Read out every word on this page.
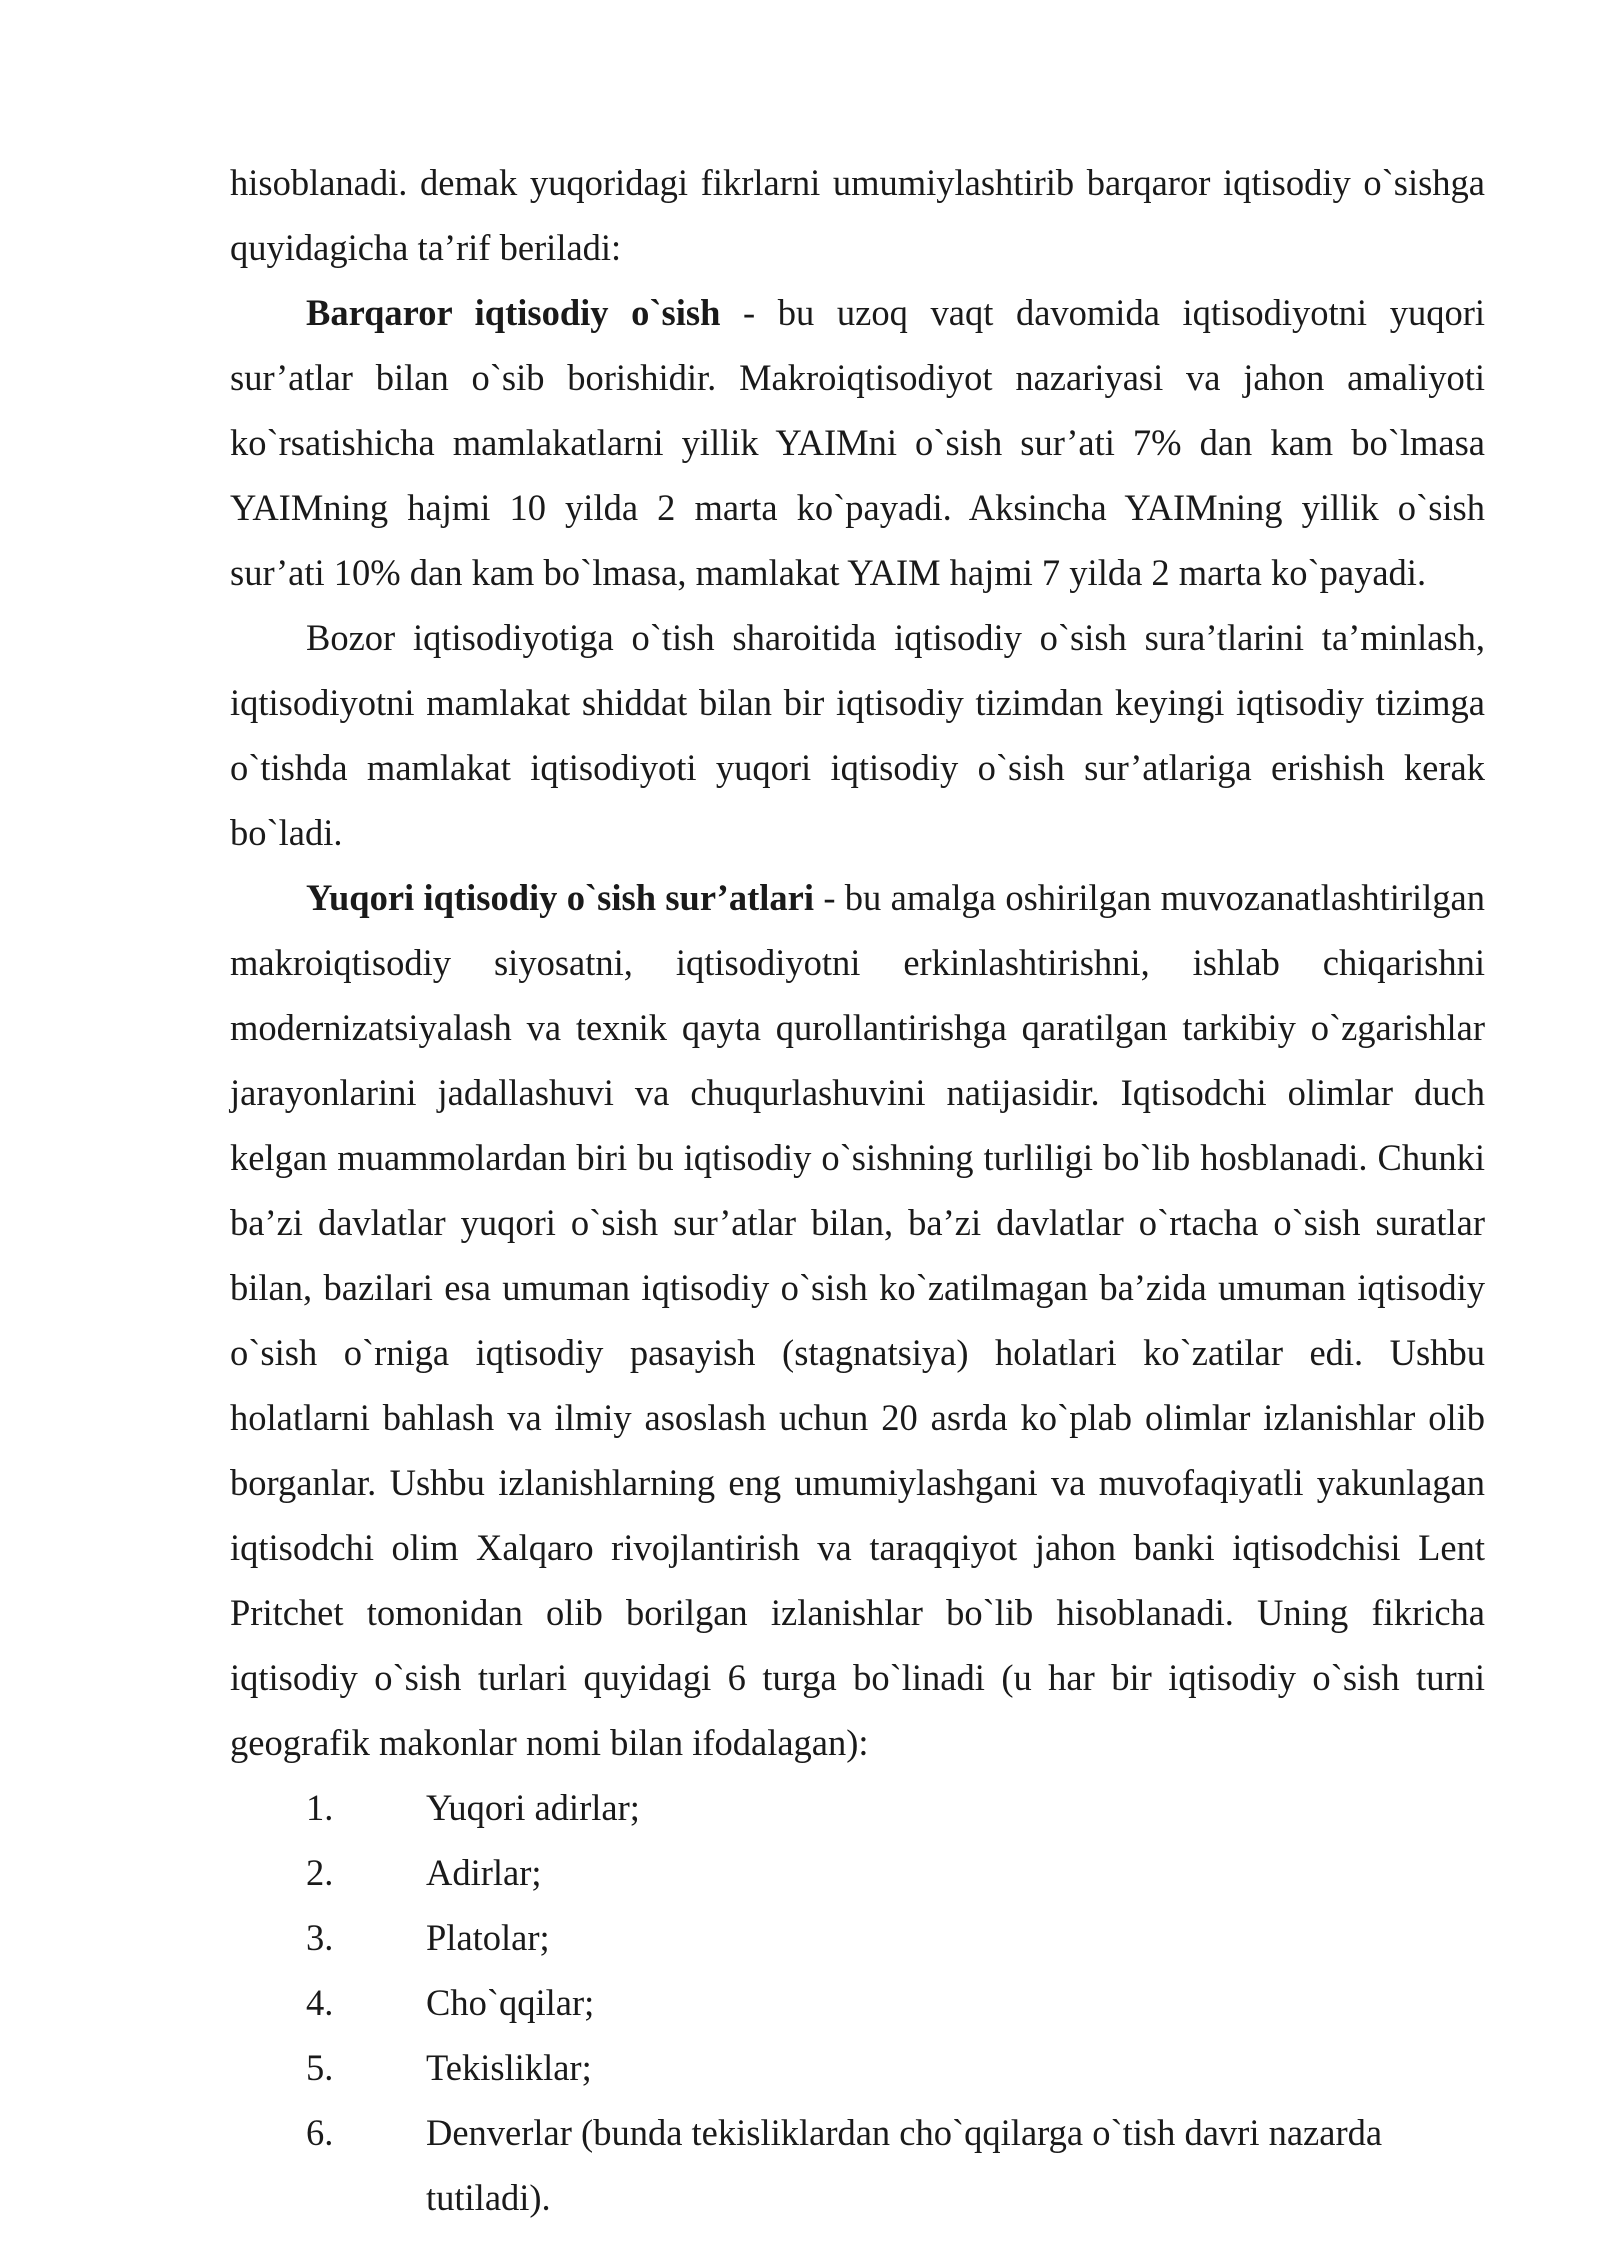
hisoblanadi. demak yuqoridagi fikrlarni umumiylashtirib barqaror iqtisodiy o`sishga quyidagicha ta’rif beriladi:

Barqaror iqtisodiy o`sish - bu uzoq vaqt davomida iqtisodiyotni yuqori sur’atlar bilan o`sib borishidir. Makroiqtisodiyot nazariyasi va jahon amaliyoti ko`rsatishicha mamlakatlarni yillik YAIMni o`sish sur’ati 7% dan kam bo`lmasa YAIMning hajmi 10 yilda 2 marta ko`payadi. Aksincha YAIMning yillik o`sish sur’ati 10% dan kam bo`lmasa, mamlakat YAIM hajmi 7 yilda 2 marta ko`payadi.

Bozor iqtisodiyotiga o`tish sharoitida iqtisodiy o`sish sura’tlarini ta’minlash, iqtisodiyotni mamlakat shiddat bilan bir iqtisodiy tizimdan keyingi iqtisodiy tizimga o`tishda mamlakat iqtisodiyoti yuqori iqtisodiy o`sish sur’atlariga erishish kerak bo`ladi.

Yuqori iqtisodiy o`sish sur’atlari - bu amalga oshirilgan muvozanatlashtirilgan makroiqtisodiy siyosatni, iqtisodiyotni erkinlashtirishni, ishlab chiqarishni modernizatsiyalash va texnik qayta qurollantirishga qaratilgan tarkibiy o`zgarishlar jarayonlarini jadallashuvi va chuqurlashuvini natijasidir. Iqtisodchi olimlar duch kelgan muammolardan biri bu iqtisodiy o`sishning turliligi bo`lib hosblanadi. Chunki ba’zi davlatlar yuqori o`sish sur’atlar bilan, ba’zi davlatlar o`rtacha o`sish suratlar bilan, bazilari esa umuman iqtisodiy o`sish ko`zatilmagan ba’zida umuman iqtisodiy o`sish o`rniga iqtisodiy pasayish (stagnatsiya) holatlari ko`zatilar edi. Ushbu holatlarni bahlash va ilmiy asoslash uchun 20 asrda ko`plab olimlar izlanishlar olib borganlar. Ushbu izlanishlarning eng umumiylashgani va muvofaqiyatli yakunlagan iqtisodchi olim Xalqaro rivojlantirish va taraqqiyot jahon banki iqtisodchisi Lent Pritchet tomonidan olib borilgan izlanishlar bo`lib hisoblanadi. Uning fikricha iqtisodiy o`sish turlari quyidagi 6 turga bo`linadi (u har bir iqtisodiy o`sish turni geografik makonlar nomi bilan ifodalagan):

1.	Yuqori adirlar;
2.	Adirlar;
3.	Platolar;
4.	Cho`qqilar;
5.	Tekisliklar;
6.	Denverlar (bunda tekisliklardan cho`qqilarga o`tish davri nazarda tutiladi).
